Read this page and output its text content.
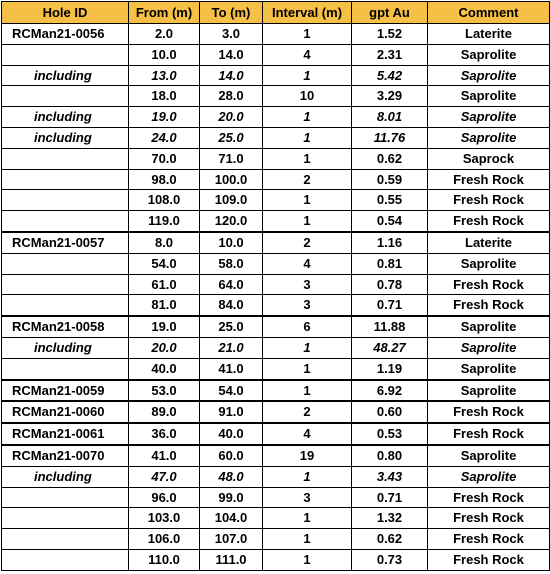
Hole ID	From (m)	To (m)	Interval (m)	gpt Au	Comment
RCMan21-0056	2.0	3.0	1	1.52	Laterite
	10.0	14.0	4	2.31	Saprolite
including	13.0	14.0	1	5.42	Saprolite
	18.0	28.0	10	3.29	Saprolite
including	19.0	20.0	1	8.01	Saprolite
including	24.0	25.0	1	11.76	Saprolite
	70.0	71.0	1	0.62	Saprock
	98.0	100.0	2	0.59	Fresh Rock
	108.0	109.0	1	0.55	Fresh Rock
	119.0	120.0	1	0.54	Fresh Rock
RCMan21-0057	8.0	10.0	2	1.16	Laterite
	54.0	58.0	4	0.81	Saprolite
	61.0	64.0	3	0.78	Fresh Rock
	81.0	84.0	3	0.71	Fresh Rock
RCMan21-0058	19.0	25.0	6	11.88	Saprolite
including	20.0	21.0	1	48.27	Saprolite
	40.0	41.0	1	1.19	Saprolite
RCMan21-0059	53.0	54.0	1	6.92	Saprolite
RCMan21-0060	89.0	91.0	2	0.60	Fresh Rock
RCMan21-0061	36.0	40.0	4	0.53	Fresh Rock
RCMan21-0070	41.0	60.0	19	0.80	Saprolite
including	47.0	48.0	1	3.43	Saprolite
	96.0	99.0	3	0.71	Fresh Rock
	103.0	104.0	1	1.32	Fresh Rock
	106.0	107.0	1	0.62	Fresh Rock
	110.0	111.0	1	0.73	Fresh Rock
